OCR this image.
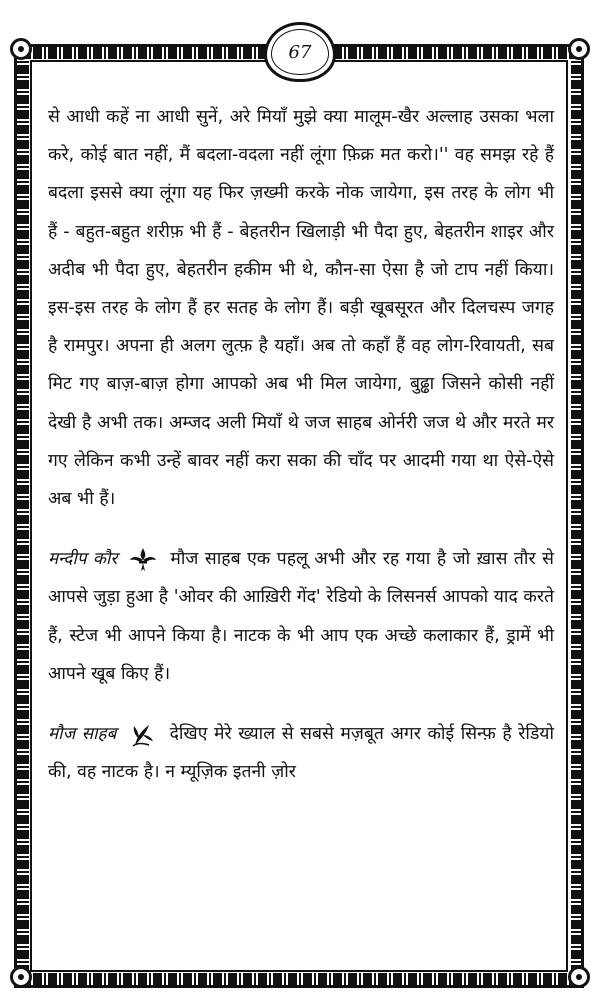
67

से आधी कहें ना आधी सुनें, अरे मियाँ मुझे क्या मालूम-खैर अल्लाह उसका भला करे, कोई बात नहीं, मैं बदला-वदला नहीं लूंगा फ़िक्र मत करो।'' वह समझ रहे हैं बदला इससे क्या लूंगा यह फिर ज़ख्मी करके नोक जायेगा, इस तरह के लोग भी हैं - बहुत-बहुत शरीफ़ भी हैं - बेहतरीन खिलाड़ी भी पैदा हुए, बेहतरीन शाइर और अदीब भी पैदा हुए, बेहतरीन हकीम भी थे, कौन-सा ऐसा है जो टाप नहीं किया। इस-इस तरह के लोग हैं हर सतह के लोग हैं। बड़ी खूबसूरत और दिलचस्प जगह है रामपुर। अपना ही अलग लुत्फ़ है यहाँ। अब तो कहाँ हैं वह लोग-रिवायती, सब मिट गए बाज़-बाज़ होगा आपको अब भी मिल जायेगा, बुढ्ढा जिसने कोसी नहीं देखी है अभी तक। अम्जद अली मियाँ थे जज साहब ओर्नरी जज थे और मरते मर गए लेकिन कभी उन्हें बावर नहीं करा सका की चाँद पर आदमी गया था ऐसे-ऐसे अब भी हैं।

मन्दीप कौर	मौज साहब एक पहलू अभी और रह गया है जो ख़ास तौर से आपसे जुड़ा हुआ है 'ओवर की आख़िरी गेंद' रेडियो के लिसनर्स आपको याद करते हैं, स्टेज भी आपने किया है। नाटक के भी आप एक अच्छे कलाकार हैं, ड्रामें भी आपने खूब किए हैं।

मौज साहब	देखिए मेरे ख्याल से सबसे मज़बूत अगर कोई सिन्फ़ है रेडियो की, वह नाटक है। न म्यूज़िक इतनी ज़ोर
